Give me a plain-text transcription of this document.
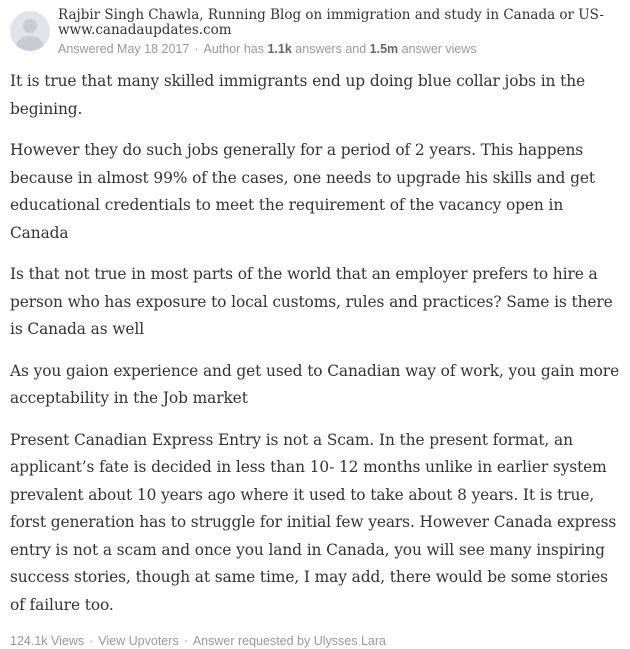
Rajbir Singh Chawla, Running Blog on immigration and study in Canada or US- www.canadaupdates.com
Answered May 18 2017 · Author has 1.1k answers and 1.5m answer views

It is true that many skilled immigrants end up doing blue collar jobs in the begining.

However they do such jobs generally for a period of 2 years. This happens because in almost 99% of the cases, one needs to upgrade his skills and get educational credentials to meet the requirement of the vacancy open in Canada

Is that not true in most parts of the world that an employer prefers to hire a person who has exposure to local customs, rules and practices? Same is there is Canada as well

As you gaion experience and get used to Canadian way of work, you gain more acceptability in the Job market

Present Canadian Express Entry is not a Scam. In the present format, an applicant’s fate is decided in less than 10- 12 months unlike in earlier system prevalent about 10 years ago where it used to take about 8 years. It is true, forst generation has to struggle for initial few years. However Canada express entry is not a scam and once you land in Canada, you will see many inspiring success stories, though at same time, I may add, there would be some stories of failure too.

124.1k Views · View Upvoters · Answer requested by Ulysses Lara
